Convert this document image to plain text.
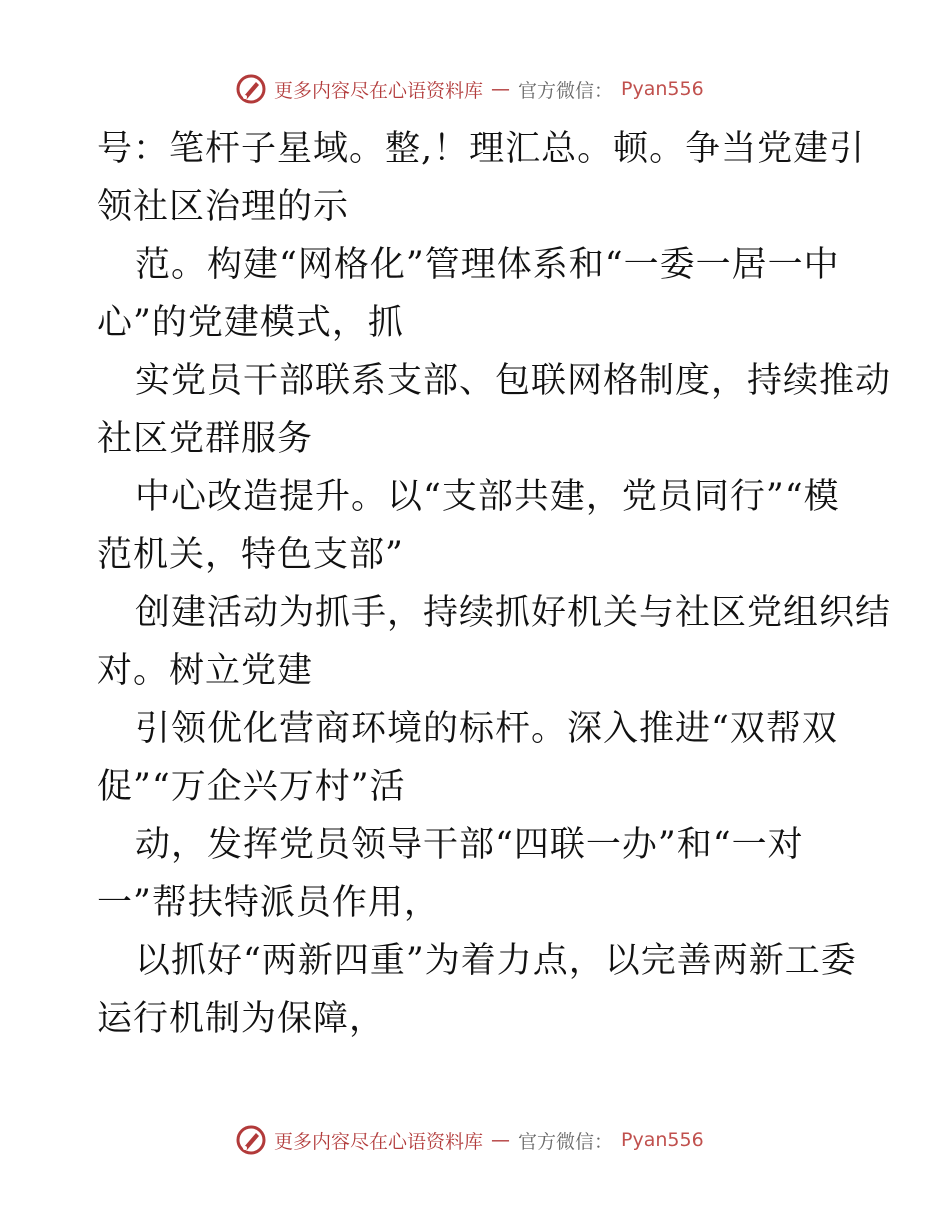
更多内容尽在心语资料库 — 官方微信： Pyan556
号：笔杆子星域。整,！理汇总。顿。争当党建引
领社区治理的示
范。构建“网格化”管理体系和“一委一居一中
心”的党建模式，抓
实党员干部联系支部、包联网格制度，持续推动
社区党群服务
中心改造提升。以“支部共建，党员同行”“模
范机关，特色支部”
创建活动为抓手，持续抓好机关与社区党组织结
对。树立党建
引领优化营商环境的标杆。深入推进“双帮双
促”“万企兴万村”活
动，发挥党员领导干部“四联一办”和“一对
一”帮扶特派员作用，
以抓好“两新四重”为着力点，以完善两新工委
运行机制为保障，
更多内容尽在心语资料库 — 官方微信： Pyan556
